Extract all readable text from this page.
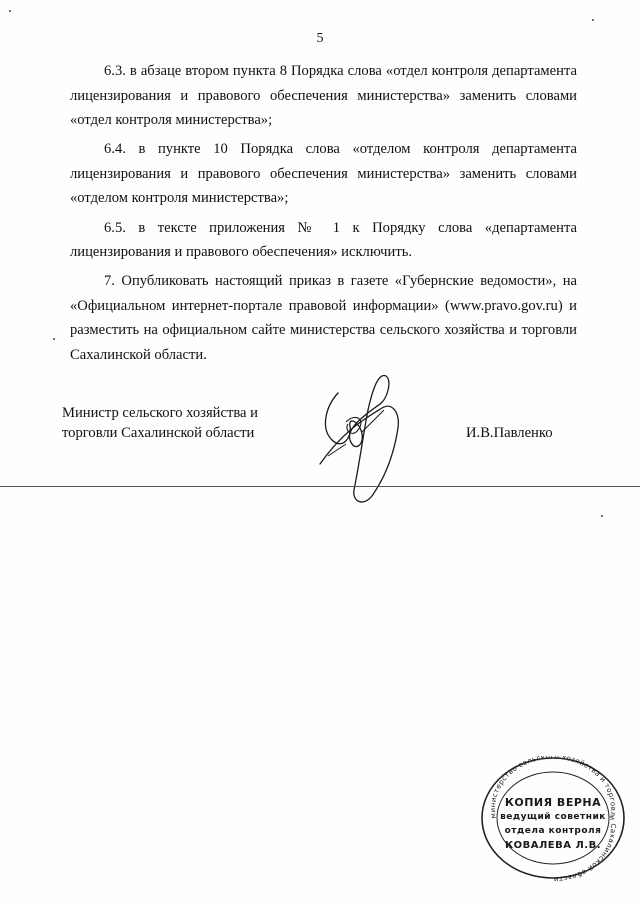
5

6.3. в абзаце втором пункта 8 Порядка слова «отдел контроля департамента лицензирования и правового обеспечения министерства» заменить словами «отдел контроля министерства»;

6.4. в пункте 10 Порядка слова «отделом контроля департамента лицензирования и правового обеспечения министерства» заменить словами «отделом контроля министерства»;

6.5. в тексте приложения № 1 к Порядку слова «департамента лицензирования и правового обеспечения» исключить.

7. Опубликовать настоящий приказ в газете «Губернские ведомости», на «Официальном интернет-портале правовой информации» (www.pravo.gov.ru) и разместить на официальном сайте министерства сельского хозяйства и торговли Сахалинской области.

Министр сельского хозяйства и
торговли Сахалинской области	И.В.Павленко
министерство сельского хозяйства и торговли Сахалинской области
КОПИЯ ВЕРНА
ведущий советник
отдела контроля
КОВАЛЕВА Л.В.
